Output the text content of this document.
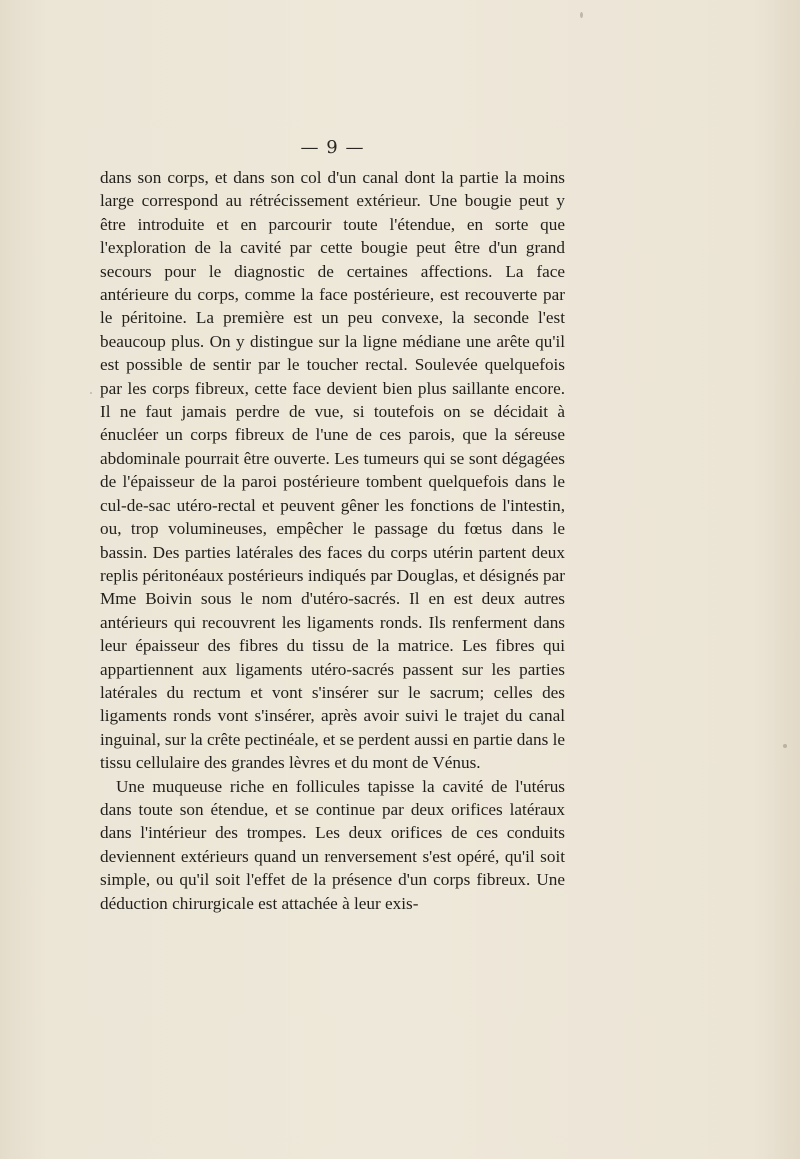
— 9 —

dans son corps, et dans son col d'un canal dont la partie la moins large correspond au rétrécissement extérieur. Une bougie peut y être introduite et en parcourir toute l'étendue, en sorte que l'exploration de la cavité par cette bougie peut être d'un grand secours pour le diagnostic de certaines affections. La face antérieure du corps, comme la face postérieure, est recouverte par le péritoine. La première est un peu convexe, la seconde l'est beaucoup plus. On y distingue sur la ligne médiane une arête qu'il est possible de sentir par le toucher rectal. Soulevée quelquefois par les corps fibreux, cette face devient bien plus saillante encore. Il ne faut jamais perdre de vue, si toutefois on se décidait à énucléer un corps fibreux de l'une de ces parois, que la séreuse abdominale pourrait être ouverte. Les tumeurs qui se sont dégagées de l'épaisseur de la paroi postérieure tombent quelquefois dans le cul-de-sac utéro-rectal et peuvent gêner les fonctions de l'intestin, ou, trop volumineuses, empêcher le passage du fœtus dans le bassin. Des parties latérales des faces du corps utérin partent deux replis péritonéaux postérieurs indiqués par Douglas, et désignés par Mme Boivin sous le nom d'utéro-sacrés. Il en est deux autres antérieurs qui recouvrent les ligaments ronds. Ils renferment dans leur épaisseur des fibres du tissu de la matrice. Les fibres qui appartiennent aux ligaments utéro-sacrés passent sur les parties latérales du rectum et vont s'insérer sur le sacrum; celles des ligaments ronds vont s'insérer, après avoir suivi le trajet du canal inguinal, sur la crête pectinéale, et se perdent aussi en partie dans le tissu cellulaire des grandes lèvres et du mont de Vénus.

Une muqueuse riche en follicules tapisse la cavité de l'utérus dans toute son étendue, et se continue par deux orifices latéraux dans l'intérieur des trompes. Les deux orifices de ces conduits deviennent extérieurs quand un renversement s'est opéré, qu'il soit simple, ou qu'il soit l'effet de la présence d'un corps fibreux. Une déduction chirurgicale est attachée à leur exis-
